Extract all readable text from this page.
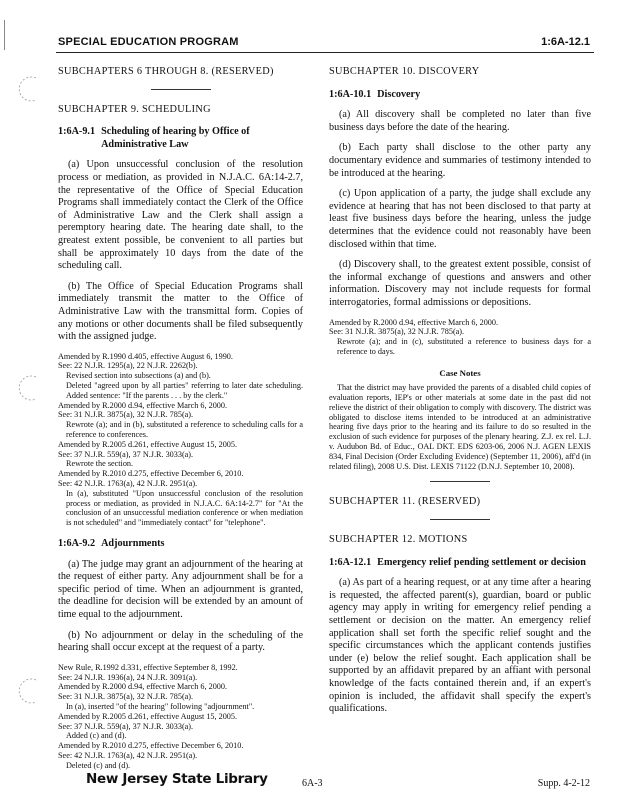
SPECIAL EDUCATION PROGRAM	1:6A-12.1
SUBCHAPTERS 6 THROUGH 8. (RESERVED)
SUBCHAPTER 9. SCHEDULING
1:6A-9.1 Scheduling of hearing by Office of Administrative Law

(a) Upon unsuccessful conclusion of the resolution process or mediation, as provided in N.J.A.C. 6A:14-2.7, the representative of the Office of Special Education Programs shall immediately contact the Clerk of the Office of Administrative Law and the Clerk shall assign a peremptory hearing date. The hearing date shall, to the greatest extent possible, be convenient to all parties but shall be approximately 10 days from the date of the scheduling call.

(b) The Office of Special Education Programs shall immediately transmit the matter to the Office of Administrative Law with the transmittal form. Copies of any motions or other documents shall be filed subsequently with the assigned judge.

Amended by R.1990 d.405, effective August 6, 1990.
See: 22 N.J.R. 1295(a), 22 N.J.R. 2262(b).
Revised section into subsections (a) and (b).
Deleted "agreed upon by all parties" referring to later date scheduling. Added sentence: "If the parents . . . by the clerk."
Amended by R.2000 d.94, effective March 6, 2000.
See: 31 N.J.R. 3875(a), 32 N.J.R. 785(a).
Rewrote (a); and in (b), substituted a reference to scheduling calls for a reference to conferences.
Amended by R.2005 d.261, effective August 15, 2005.
See: 37 N.J.R. 559(a), 37 N.J.R. 3033(a).
Rewrote the section.
Amended by R.2010 d.275, effective December 6, 2010.
See: 42 N.J.R. 1763(a), 42 N.J.R. 2951(a).
In (a), substituted "Upon unsuccessful conclusion of the resolution process or mediation, as provided in N.J.A.C. 6A:14-2.7" for "At the conclusion of an unsuccessful mediation conference or when mediation is not scheduled" and "immediately contact" for "telephone".
1:6A-9.2 Adjournments

(a) The judge may grant an adjournment of the hearing at the request of either party. Any adjournment shall be for a specific period of time. When an adjournment is granted, the deadline for decision will be extended by an amount of time equal to the adjournment.

(b) No adjournment or delay in the scheduling of the hearing shall occur except at the request of a party.

New Rule, R.1992 d.331, effective September 8, 1992.
See: 24 N.J.R. 1936(a), 24 N.J.R. 3091(a).
Amended by R.2000 d.94, effective March 6, 2000.
See: 31 N.J.R. 3875(a), 32 N.J.R. 785(a).
In (a), inserted "of the hearing" following "adjournment".
Amended by R.2005 d.261, effective August 15, 2005.
See: 37 N.J.R. 559(a), 37 N.J.R. 3033(a).
Added (c) and (d).
Amended by R.2010 d.275, effective December 6, 2010.
See: 42 N.J.R. 1763(a), 42 N.J.R. 2951(a).
Deleted (c) and (d).
SUBCHAPTER 10. DISCOVERY
1:6A-10.1 Discovery

(a) All discovery shall be completed no later than five business days before the date of the hearing.

(b) Each party shall disclose to the other party any documentary evidence and summaries of testimony intended to be introduced at the hearing.

(c) Upon application of a party, the judge shall exclude any evidence at hearing that has not been disclosed to that party at least five business days before the hearing, unless the judge determines that the evidence could not reasonably have been disclosed within that time.

(d) Discovery shall, to the greatest extent possible, consist of the informal exchange of questions and answers and other information. Discovery may not include requests for formal interrogatories, formal admissions or depositions.

Amended by R.2000 d.94, effective March 6, 2000.
See: 31 N.J.R. 3875(a), 32 N.J.R. 785(a).
Rewrote (a); and in (c), substituted a reference to business days for a reference to days.
Case Notes
That the district may have provided the parents of a disabled child copies of evaluation reports, IEP's or other materials at some date in the past did not relieve the district of their obligation to comply with discovery. The district was obligated to disclose items intended to be introduced at an administrative hearing five days prior to the hearing and its failure to do so resulted in the exclusion of such evidence for purposes of the plenary hearing. Z.J. ex rel. L.J. v. Audubon Bd. of Educ., OAL DKT. EDS 6203-06, 2006 N.J. AGEN LEXIS 834, Final Decision (Order Excluding Evidence) (September 11, 2006), aff'd (in related filing), 2008 U.S. Dist. LEXIS 71122 (D.N.J. September 10, 2008).
SUBCHAPTER 11. (RESERVED)
SUBCHAPTER 12. MOTIONS
1:6A-12.1 Emergency relief pending settlement or decision

(a) As part of a hearing request, or at any time after a hearing is requested, the affected parent(s), guardian, board or public agency may apply in writing for emergency relief pending a settlement or decision on the matter. An emergency relief application shall set forth the specific relief sought and the specific circumstances which the applicant contends justifies under (e) below the relief sought. Each application shall be supported by an affidavit prepared by an affiant with personal knowledge of the facts contained therein and, if an expert's opinion is included, the affidavit shall specify the expert's qualifications.

New Jersey State Library	6A-3	Supp. 4-2-12
